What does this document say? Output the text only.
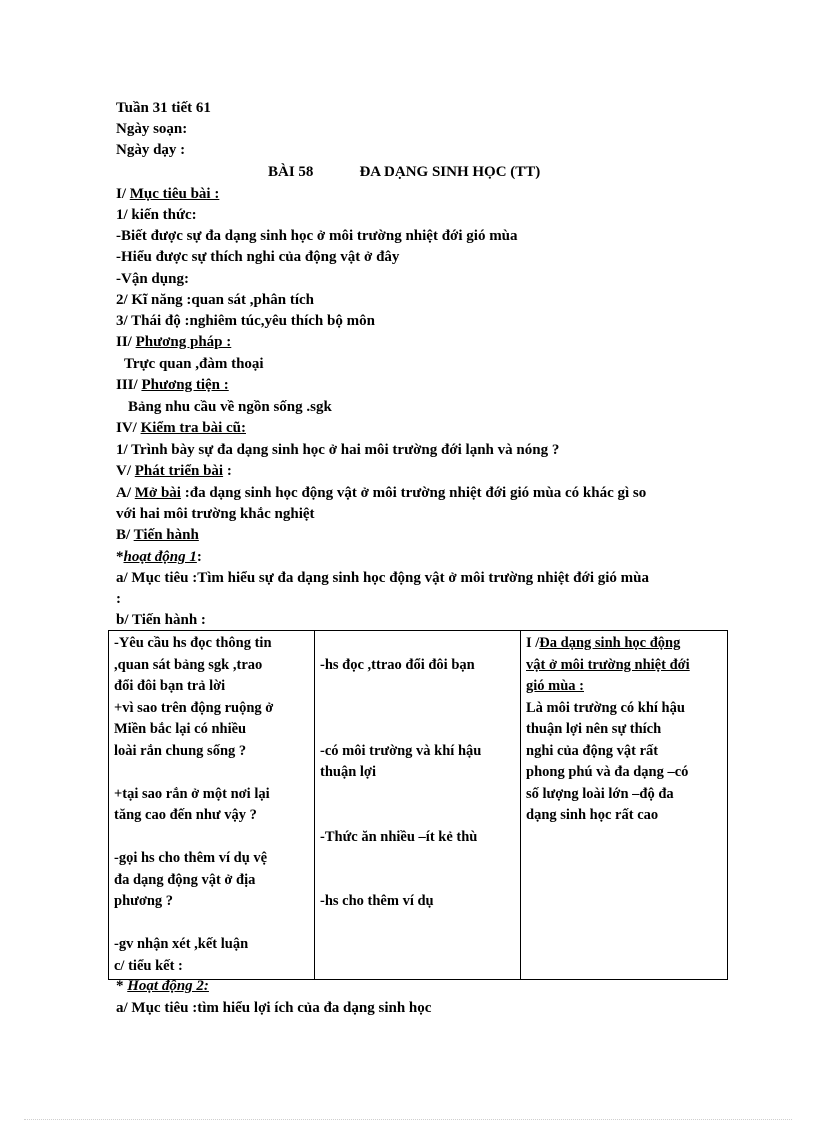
Tuần 31 tiết 61
Ngày soạn:
Ngày dạy :
BÀI 58	ĐA DẠNG SINH HỌC (TT)
I/ Mục tiêu bài :
1/ kiến thức:
-Biết được sự đa dạng sinh học ở môi trường nhiệt đới gió mùa
-Hiểu được sự thích nghi của động vật ở đây
-Vận dụng:
2/ Kĩ năng :quan sát ,phân tích
3/ Thái độ :nghiêm túc,yêu thích bộ môn
II/ Phương pháp :
Trực quan ,đàm thoại
III/ Phương tiện :
Bảng nhu cầu về ngồn sống .sgk
IV/ Kiểm tra bài cũ:
1/ Trình bày sự đa dạng sinh học ở hai môi trường đới lạnh và nóng ?
V/ Phát triển bài :
A/ Mở bài :đa dạng sinh học động vật ở môi trường nhiệt đới gió mùa có khác gì so
với hai môi trường khắc nghiệt
B/ Tiến hành
*hoạt động 1:
a/ Mục tiêu :Tìm hiểu sự đa dạng sinh học động vật ở môi trường nhiệt đới gió mùa
:
b/ Tiến hành :
-Yêu cầu hs đọc thông tin
,quan sát bảng sgk ,trao
đổi đôi bạn trả lời
+vì sao trên động ruộng ở
Miền bắc lại có nhiều
loài rắn chung sống ?
+tại sao rắn ở một nơi lại
tăng cao đến như vậy ?
-gọi hs cho thêm ví dụ vệ
đa dạng động vật ở địa
phương ?
-gv nhận xét ,kết luận
c/ tiểu kết :

-hs đọc ,ttrao đổi đôi bạn
-có môi trường và khí hậu
thuận lợi
-Thức ăn nhiều –ít kẻ thù
-hs cho thêm ví dụ

I /Đa dạng sinh học động
vật ở môi trường nhiệt đới
gió mùa :
Là môi trường có khí hậu
thuận lợi nên sự thích
nghi của động vật rất
phong phú và đa dạng –có
số lượng loài lớn –độ đa
dạng sinh học rất cao
* Hoạt động 2:
a/ Mục tiêu :tìm hiểu lợi ích của đa dạng sinh học
